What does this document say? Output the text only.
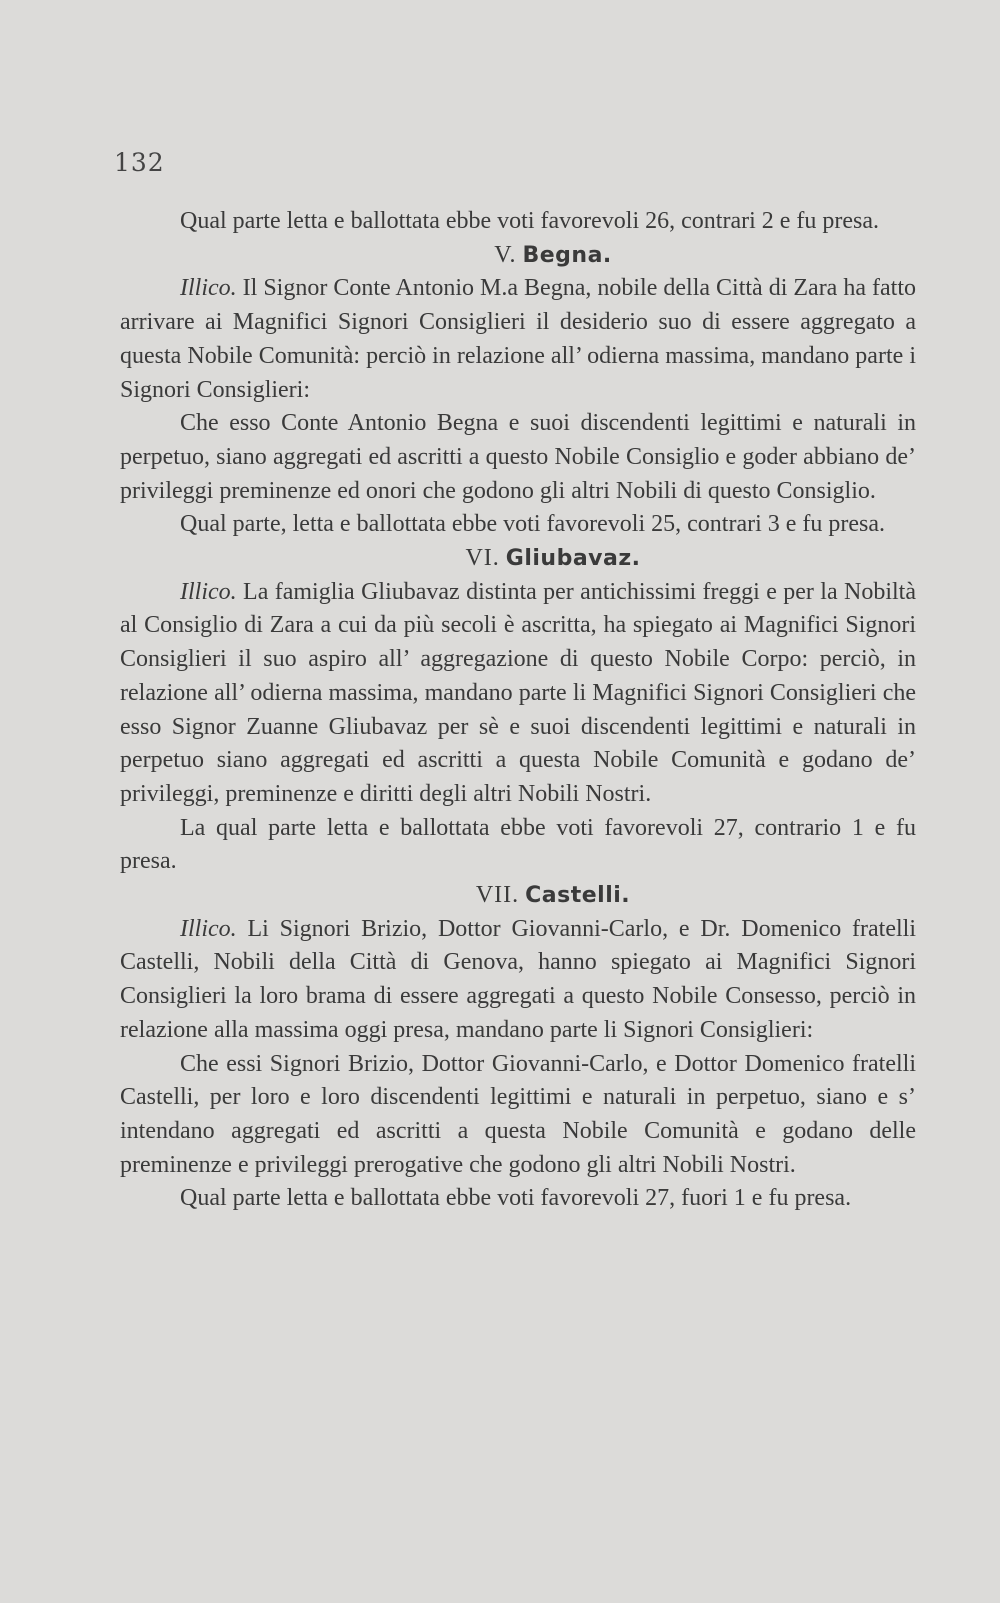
132

Qual parte letta e ballottata ebbe voti favorevoli 26, contrari 2 e fu presa.

V. Begna.

Illico. Il Signor Conte Antonio M.a Begna, nobile della Città di Zara ha fatto arrivare ai Magnifici Signori Consiglieri il desiderio suo di essere aggregato a questa Nobile Comunità: perciò in relazione all’ odierna massima, mandano parte i Signori Consiglieri:

Che esso Conte Antonio Begna e suoi discendenti legittimi e naturali in perpetuo, siano aggregati ed ascritti a questo Nobile Consiglio e goder abbiano de’ privileggi preminenze ed onori che godono gli altri Nobili di questo Consiglio.

Qual parte, letta e ballottata ebbe voti favorevoli 25, contrari 3 e fu presa.

VI. Gliubavaz.

Illico. La famiglia Gliubavaz distinta per antichissimi freggi e per la Nobiltà al Consiglio di Zara a cui da più secoli è ascritta, ha spiegato ai Magnifici Signori Consiglieri il suo aspiro all’ aggregazione di questo Nobile Corpo: perciò, in relazione all’ odierna massima, mandano parte li Magnifici Signori Consiglieri che esso Signor Zuanne Gliubavaz per sè e suoi discendenti legittimi e naturali in perpetuo siano aggregati ed ascritti a questa Nobile Comunità e godano de’ privileggi, preminenze e diritti degli altri Nobili Nostri.

La qual parte letta e ballottata ebbe voti favorevoli 27, contrario 1 e fu presa.

VII. Castelli.

Illico. Li Signori Brizio, Dottor Giovanni-Carlo, e Dr. Domenico fratelli Castelli, Nobili della Città di Genova, hanno spiegato ai Magnifici Signori Consiglieri la loro brama di essere aggregati a questo Nobile Consesso, perciò in relazione alla massima oggi presa, mandano parte li Signori Consiglieri:

Che essi Signori Brizio, Dottor Giovanni-Carlo, e Dottor Domenico fratelli Castelli, per loro e loro discendenti legittimi e naturali in perpetuo, siano e s’ intendano aggregati ed ascritti a questa Nobile Comunità e godano delle preminenze e privileggi prerogative che godono gli altri Nobili Nostri.

Qual parte letta e ballottata ebbe voti favorevoli 27, fuori 1 e fu presa.
